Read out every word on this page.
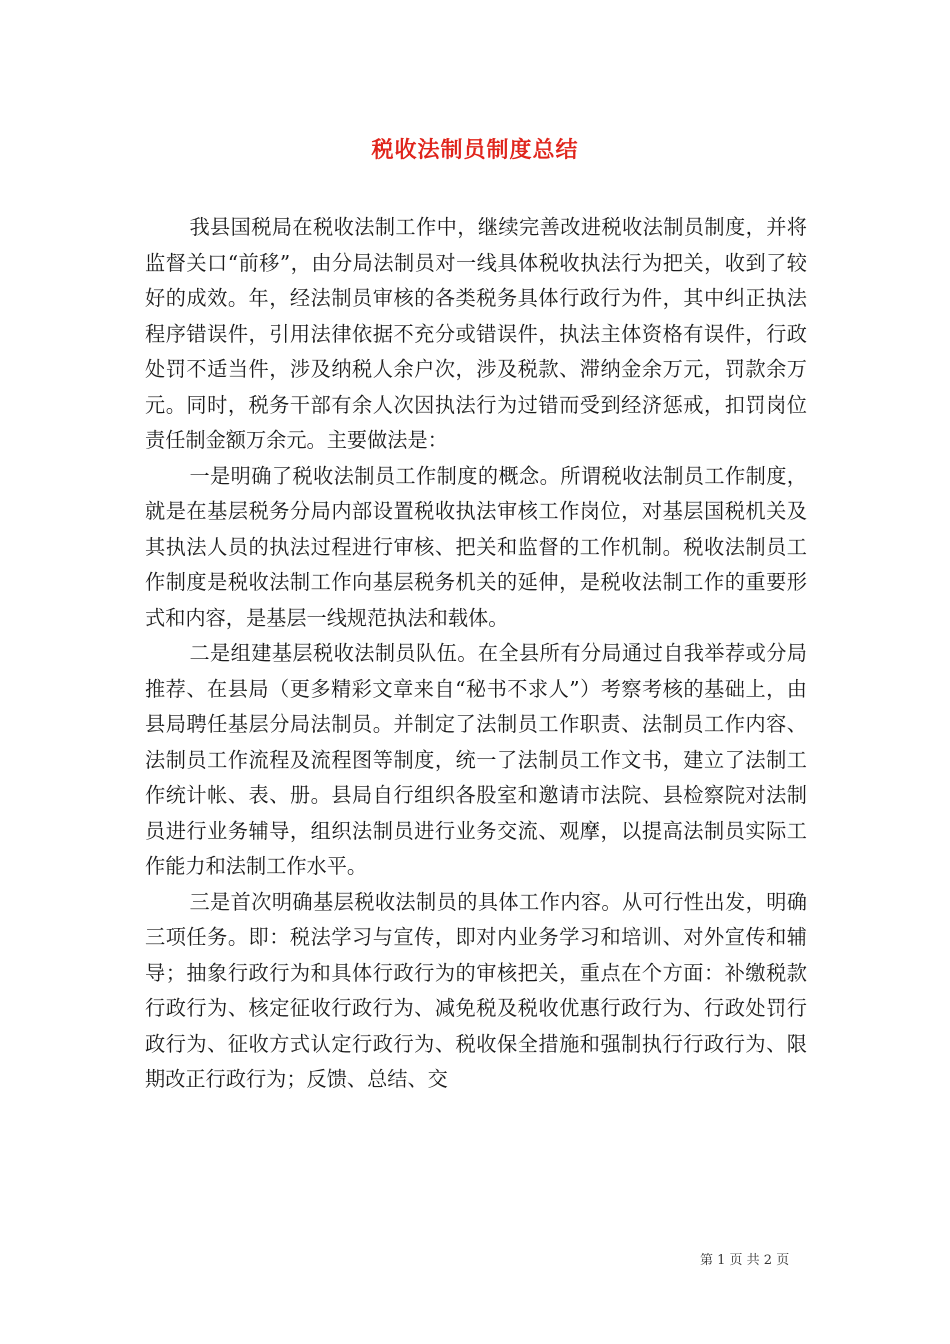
税收法制员制度总结

我县国税局在税收法制工作中，继续完善改进税收法制员制度，并将监督关口“前移”，由分局法制员对一线具体税收执法行为把关，收到了较好的成效。年，经法制员审核的各类税务具体行政行为件，其中纠正执法程序错误件，引用法律依据不充分或错误件，执法主体资格有误件，行政处罚不适当件，涉及纳税人余户次，涉及税款、滞纳金余万元，罚款余万元。同时，税务干部有余人次因执法行为过错而受到经济惩戒，扣罚岗位责任制金额万余元。主要做法是：

一是明确了税收法制员工作制度的概念。所谓税收法制员工作制度，就是在基层税务分局内部设置税收执法审核工作岗位，对基层国税机关及其执法人员的执法过程进行审核、把关和监督的工作机制。税收法制员工作制度是税收法制工作向基层税务机关的延伸，是税收法制工作的重要形式和内容，是基层一线规范执法和载体。

二是组建基层税收法制员队伍。在全县所有分局通过自我举荐或分局推荐、在县局（更多精彩文章来自“秘书不求人”）考察考核的基础上，由县局聘任基层分局法制员。并制定了法制员工作职责、法制员工作内容、法制员工作流程及流程图等制度，统一了法制员工作文书，建立了法制工作统计帐、表、册。县局自行组织各股室和邀请市法院、县检察院对法制员进行业务辅导，组织法制员进行业务交流、观摩，以提高法制员实际工作能力和法制工作水平。

三是首次明确基层税收法制员的具体工作内容。从可行性出发，明确三项任务。即：税法学习与宣传，即对内业务学习和培训、对外宣传和辅导；抽象行政行为和具体行政行为的审核把关，重点在个方面：补缴税款行政行为、核定征收行政行为、减免税及税收优惠行政行为、行政处罚行政行为、征收方式认定行政行为、税收保全措施和强制执行行政行为、限期改正行政行为；反馈、总结、交

第 1 页 共 2 页
